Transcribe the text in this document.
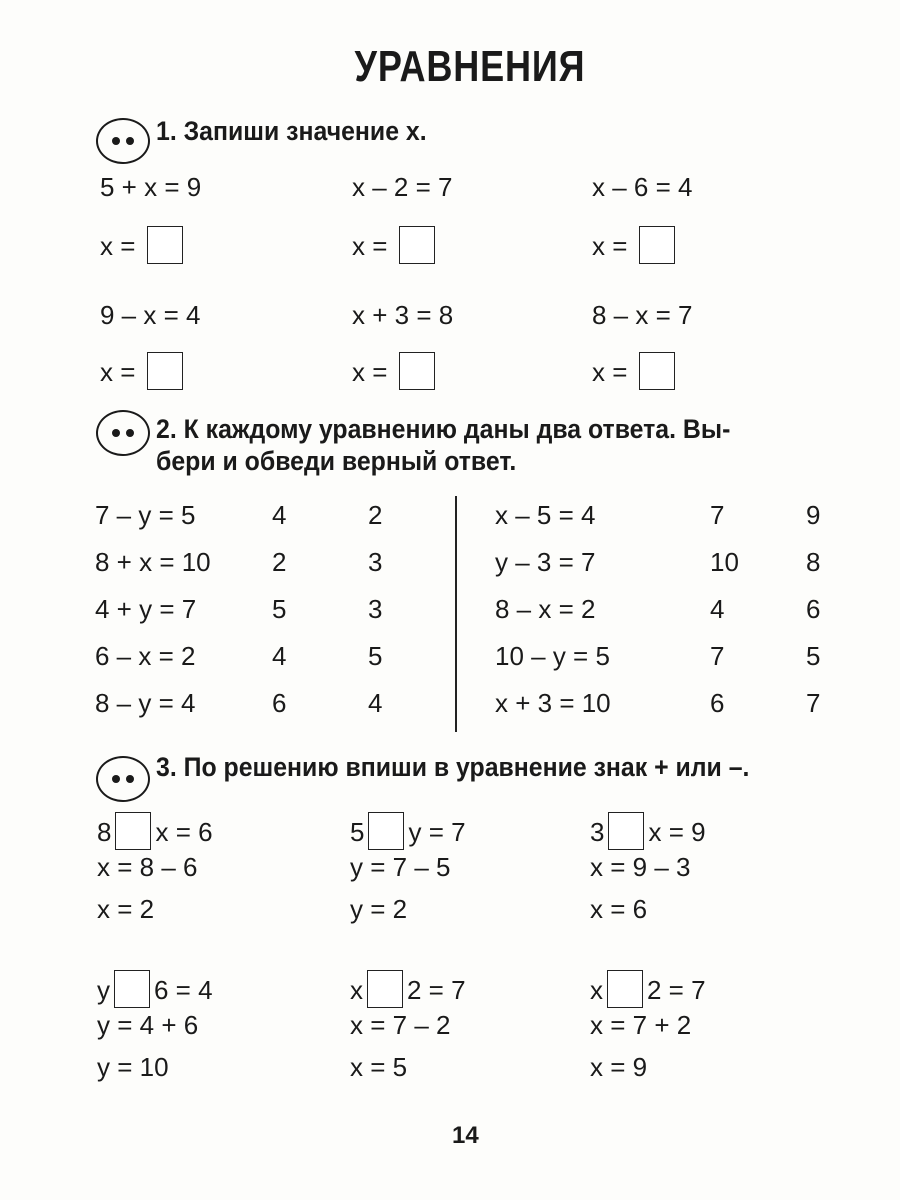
УРАВНЕНИЯ
1. Запиши значение х.
2. К каждому уравнению даны два ответа. Вы-
бери и обведи верный ответ.
3. По решению впиши в уравнение знак + или –.
14
5 + х = 9
х =
х – 2 = 7
х =
х – 6 = 4
х =
9 – х = 4
х =
х + 3 = 8
х =
8 – х = 7
х =
7 – у = 5	4	2
8 + х = 10 2	3
4 + у = 7	5	3
6 – х = 2	4	5
8 – у = 4	6	4
х – 5 = 4	7	9
у – 3 = 7	10	8
8 – х = 2	4	6
10 – у = 5	7	5
х + 3 = 10	6	7
8 х = 6
х = 8 – 6
х = 2
5 у = 7
у = 7 – 5
у = 2
3 х = 9
х = 9 – 3
х = 6
у 6 = 4
у = 4 + 6
у = 10
х 2 = 7
х = 7 – 2
х = 5
х 2 = 7
х = 7 + 2
х = 9
